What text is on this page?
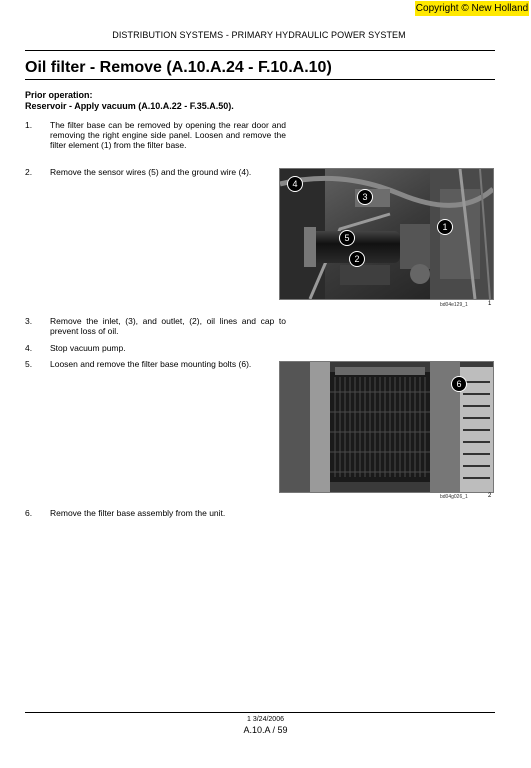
Copyright © New Holland
DISTRIBUTION SYSTEMS - PRIMARY HYDRAULIC POWER SYSTEM
Oil filter - Remove (A.10.A.24 - F.10.A.10)
Prior operation:
Reservoir - Apply vacuum (A.10.A.22 - F.35.A.50).
1. The filter base can be removed by opening the rear door and removing the right engine side panel. Loosen and remove the filter element (1) from the filter base.
2. Remove the sensor wires (5) and the ground wire (4).
3. Remove the inlet, (3), and outlet, (2), oil lines and cap to prevent loss of oil.
4. Stop vacuum pump.
5. Loosen and remove the filter base mounting bolts (6).
6. Remove the filter base assembly from the unit.
1
2
3
4
5
bd04e129_1	1
6
bd04g026_1	2
1 3/24/2006
A.10.A / 59
